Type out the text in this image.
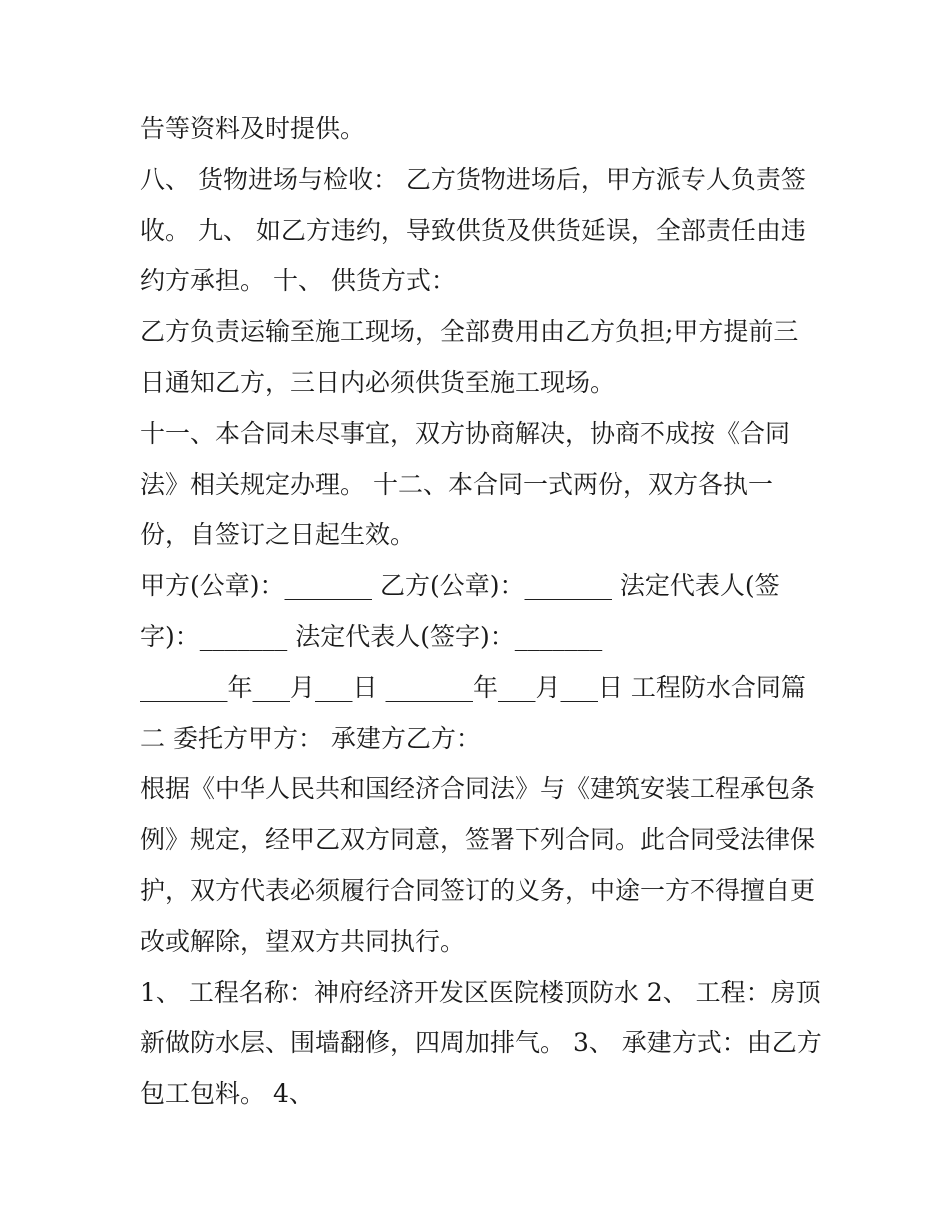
告等资料及时提供。
八、 货物进场与检收： 乙方货物进场后，甲方派专人负责签
收。 九、 如乙方违约，导致供货及供货延误，全部责任由违
约方承担。 十、 供货方式：
乙方负责运输至施工现场，全部费用由乙方负担;甲方提前三
日通知乙方，三日内必须供货至施工现场。
十一、本合同未尽事宜，双方协商解决，协商不成按《合同
法》相关规定办理。 十二、本合同一式两份，双方各执一
份，自签订之日起生效。
甲方(公章)：_______ 乙方(公章)：_______ 法定代表人(签
字)：_______ 法定代表人(签字)：_______
_______年___月___日 _______年___月___日 工程防水合同篇
二 委托方甲方： 承建方乙方：
根据《中华人民共和国经济合同法》与《建筑安装工程承包条
例》规定，经甲乙双方同意，签署下列合同。此合同受法律保
护，双方代表必须履行合同签订的义务，中途一方不得擅自更
改或解除，望双方共同执行。
1、 工程名称：神府经济开发区医院楼顶防水 2、 工程：房顶
新做防水层、围墙翻修，四周加排气。 3、 承建方式：由乙方
包工包料。 4、
